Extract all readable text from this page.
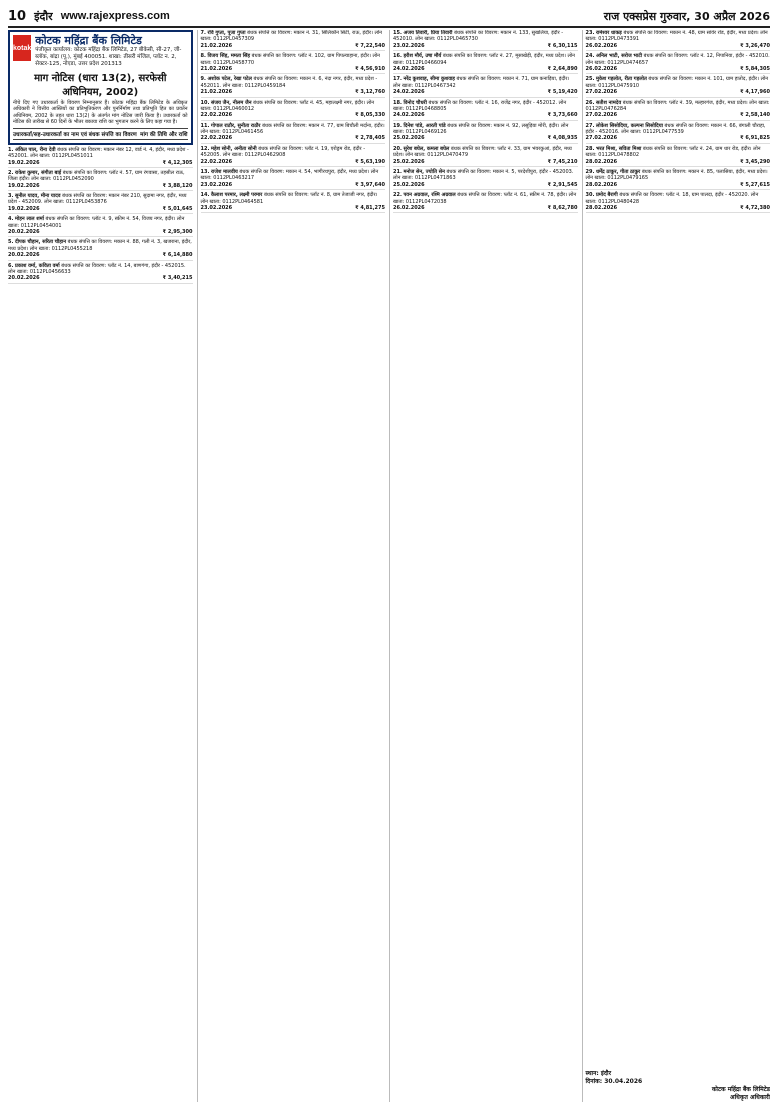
10 इंदौर www.rajexpress.com	राज एक्सप्रेस गुरुवार, 30 अप्रैल 2026
kotak
कोटक महिंद्रा बैंक लिमिटेड
पंजीकृत कार्यालय: कोटक महिंद्रा बैंक लिमिटेड, 27 बीकेसी, सी-27, जी-ब्लॉक, बांद्रा (पू.), मुंबई 400051. शाखा: तीसरी मंजिल, प्लॉट न. 2, सेक्टर-125, नोएडा, उत्तर प्रदेश 201313
माग नोटिस (धारा 13(2), सरफेसी अधिनियम, 2002)
नीचे दिए गए उधारकर्ता के विवरण निम्नानुसार हैं। कोटक महिंद्रा बैंक लिमिटेड के अधिकृत अधिकारी ने वित्तीय आस्तियों का प्रतिभूतिकरण और पुनर्निर्माण तथा प्रतिभूति हित का प्रवर्तन अधिनियम, 2002 के तहत धारा 13(2) के अंतर्गत मांग नोटिस जारी किया है। उधारकर्ता को नोटिस की तारीख से 60 दिनों के भीतर बकाया राशि का भुगतान करने के लिए कहा गया है।
उधारकर्ता/सह-उधारकर्ता का नाम एवं बंधक संपत्ति का विवरण मांग की तिथि और राशि
1. अंकित पाल, रीना देवी बंधक संपत्ति का विवरण: मकान नंबर 12, वार्ड नं. 4, इंदौर, मध्य प्रदेश - 452001. लोन खाता: 0112PL0451011
19.02.2026	₹ 4,12,305
2. राकेश कुमार, संगीता बाई बंधक संपत्ति का विवरण: प्लॉट नं. 57, ग्राम रंगवासा, तहसील राऊ, जिला इंदौर। लोन खाता: 0112PL0452090
19.02.2026	₹ 3,88,120
3. सुनील यादव, मीना यादव बंधक संपत्ति का विवरण: मकान नंबर 210, सुदामा नगर, इंदौर, मध्य प्रदेश - 452009. लोन खाता: 0112PL0453876
19.02.2026	₹ 5,01,645
4. मोहन लाल शर्मा बंधक संपत्ति का विवरण: प्लॉट नं. 9, स्कीम नं. 54, विजय नगर, इंदौर। लोन खाता: 0112PL0454001
20.02.2026	₹ 2,95,300
5. दीपक चौहान, सरिता चौहान बंधक संपत्ति का विवरण: मकान नं. 88, गली नं. 3, खजराना, इंदौर, मध्य प्रदेश। लोन खाता: 0112PL0455218
20.02.2026	₹ 6,14,880
6. प्रकाश वर्मा, कविता वर्मा बंधक संपत्ति का विवरण: प्लॉट नं. 14, बाणगंगा, इंदौर - 452015. लोन खाता: 0112PL0456633
20.02.2026	₹ 3,40,215
7. रवि गुप्ता, पूजा गुप्ता बंधक संपत्ति का विवरण: मकान नं. 31, सिलिकॉन सिटी, राऊ, इंदौर। लोन खाता: 0112PL0457309
21.02.2026	₹ 7,22,540
8. विजय सिंह, ममता सिंह बंधक संपत्ति का विवरण: प्लॉट नं. 102, ग्राम पिपल्याहाना, इंदौर। लोन खाता: 0112PL0458770
21.02.2026	₹ 4,56,910
9. अशोक पटेल, रेखा पटेल बंधक संपत्ति का विवरण: मकान नं. 6, नंदा नगर, इंदौर, मध्य प्रदेश - 452011. लोन खाता: 0112PL0459184
21.02.2026	₹ 3,12,760
10. संजय जैन, नीलम जैन बंधक संपत्ति का विवरण: प्लॉट नं. 45, महालक्ष्मी नगर, इंदौर। लोन खाता: 0112PL0460012
22.02.2026	₹ 8,05,330
11. गोपाल राठौर, सुनीता राठौर बंधक संपत्ति का विवरण: मकान नं. 77, ग्राम बिचौली मर्दाना, इंदौर। लोन खाता: 0112PL0461456
22.02.2026	₹ 2,78,405
12. महेश सोनी, अनीता सोनी बंधक संपत्ति का विवरण: प्लॉट नं. 19, एरोड्रम रोड, इंदौर - 452005. लोन खाता: 0112PL0462908
22.02.2026	₹ 5,63,190
13. राजेश मालवीय बंधक संपत्ति का विवरण: मकान नं. 54, भागीरथपुरा, इंदौर, मध्य प्रदेश। लोन खाता: 0112PL0463217
23.02.2026	₹ 3,97,640
14. कैलाश परमार, लक्ष्मी परमार बंधक संपत्ति का विवरण: प्लॉट नं. 8, ग्राम तेजाजी नगर, इंदौर। लोन खाता: 0112PL0464581
23.02.2026	₹ 4,81,275
15. अजय तिवारी, प्रिया तिवारी बंधक संपत्ति का विवरण: मकान नं. 133, सुखलिया, इंदौर - 452010. लोन खाता: 0112PL0465730
23.02.2026	₹ 6,30,115
16. हरीश मौर्य, उषा मौर्य बंधक संपत्ति का विवरण: प्लॉट नं. 27, मूसाखेड़ी, इंदौर, मध्य प्रदेश। लोन खाता: 0112PL0466094
24.02.2026	₹ 2,64,890
17. नरेंद्र कुशवाह, सीमा कुशवाह बंधक संपत्ति का विवरण: मकान नं. 71, ग्राम कनाड़िया, इंदौर। लोन खाता: 0112PL0467342
24.02.2026	₹ 5,19,420
18. विनोद चौधरी बंधक संपत्ति का विवरण: प्लॉट नं. 16, राजेंद्र नगर, इंदौर - 452012. लोन खाता: 0112PL0468805
24.02.2026	₹ 3,73,660
19. दिनेश पांडे, आरती पांडे बंधक संपत्ति का विवरण: मकान नं. 92, लसूड़िया मोरी, इंदौर। लोन खाता: 0112PL0469126
25.02.2026	₹ 4,08,935
20. सुरेश बघेल, कमला बघेल बंधक संपत्ति का विवरण: प्लॉट नं. 33, ग्राम भंवरकुआं, इंदौर, मध्य प्रदेश। लोन खाता: 0112PL0470479
25.02.2026	₹ 7,45,210
21. मनोज सेन, ज्योति सेन बंधक संपत्ति का विवरण: मकान नं. 5, परदेशीपुरा, इंदौर - 452003. लोन खाता: 0112PL0471863
25.02.2026	₹ 2,91,545
22. पवन अग्रवाल, रश्मि अग्रवाल बंधक संपत्ति का विवरण: प्लॉट नं. 61, स्कीम नं. 78, इंदौर। लोन खाता: 0112PL0472038
26.02.2026	₹ 8,62,780
23. रामेश्वर धाकड़ बंधक संपत्ति का विवरण: मकान नं. 48, ग्राम सांवेर रोड, इंदौर, मध्य प्रदेश। लोन खाता: 0112PL0473391
26.02.2026	₹ 3,26,470
24. अनिल भाटी, सरोज भाटी बंधक संपत्ति का विवरण: प्लॉट नं. 12, निपानिया, इंदौर - 452010. लोन खाता: 0112PL0474657
26.02.2026	₹ 5,84,305
25. मुकेश गहलोत, रीता गहलोत बंधक संपत्ति का विवरण: मकान नं. 101, ग्राम हातोद, इंदौर। लोन खाता: 0112PL0475910
27.02.2026	₹ 4,17,960
26. सतीश नामदेव बंधक संपत्ति का विवरण: प्लॉट नं. 39, मल्हारगंज, इंदौर, मध्य प्रदेश। लोन खाता: 0112PL0476284
27.02.2026	₹ 2,58,140
27. लोकेश सिसोदिया, कल्पना सिसोदिया बंधक संपत्ति का विवरण: मकान नं. 66, बंगाली चौराहा, इंदौर - 452016. लोन खाता: 0112PL0477539
27.02.2026	₹ 6,91,825
28. भरत मिश्रा, सविता मिश्रा बंधक संपत्ति का विवरण: प्लॉट नं. 24, ग्राम धार रोड, इंदौर। लोन खाता: 0112PL0478802
28.02.2026	₹ 3,45,290
29. धर्मेंद्र ठाकुर, गीता ठाकुर बंधक संपत्ति का विवरण: मकान नं. 85, पलासिया, इंदौर, मध्य प्रदेश। लोन खाता: 0112PL0479165
28.02.2026	₹ 5,27,615
30. प्रमोद बैरागी बंधक संपत्ति का विवरण: प्लॉट नं. 18, ग्राम पालदा, इंदौर - 452020. लोन खाता: 0112PL0480428
28.02.2026	₹ 4,72,380
स्थान: इंदौर
दिनांक: 30.04.2026
कोटक महिंद्रा बैंक लिमिटेड
अधिकृत अधिकारी
